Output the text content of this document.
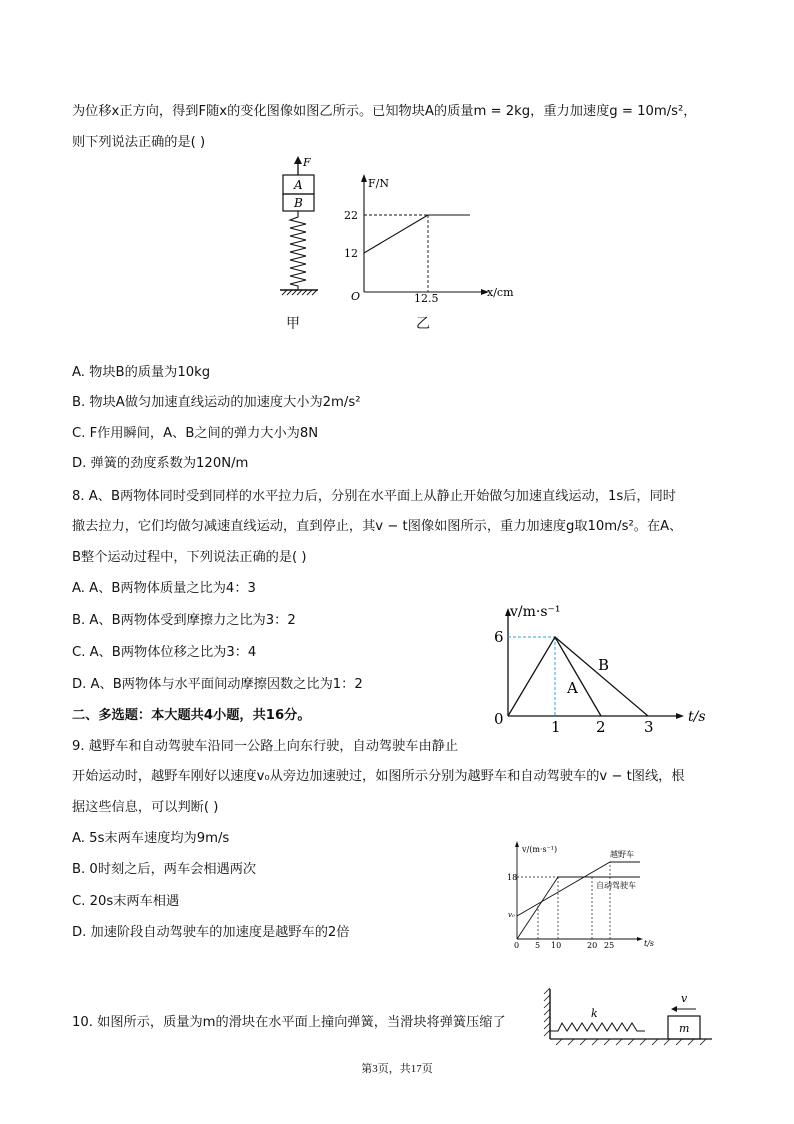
为位移x正方向，得到F随x的变化图像如图乙所示。已知物块A的质量m = 2kg，重力加速度g = 10m/s²，
则下列说法正确的是( )
F
A
B
甲
F/N
x/cm
O
22
12
12.5
乙
A. 物块B的质量为10kg
B. 物块A做匀加速直线运动的加速度大小为2m/s²
C. F作用瞬间，A、B之间的弹力大小为8N
D. 弹簧的劲度系数为120N/m
8. A、B两物体同时受到同样的水平拉力后，分别在水平面上从静止开始做匀加速直线运动，1s后，同时
撤去拉力，它们均做匀减速直线运动，直到停止，其v − t图像如图所示，重力加速度g取10m/s²。在A、
B整个运动过程中，下列说法正确的是( )
A. A、B两物体质量之比为4：3
B. A、B两物体受到摩擦力之比为3：2
C. A、B两物体位移之比为3：4
D. A、B两物体与水平面间动摩擦因数之比为1：2
v/m·s⁻¹
t/s
6
0	1 2	3
A
B
二、多选题：本大题共4小题，共16分。
9. 越野车和自动驾驶车沿同一公路上向东行驶，自动驾驶车由静止
开始运动时，越野车刚好以速度v₀从旁边加速驶过，如图所示分别为越野车和自动驾驶车的v − t图线，根
据这些信息，可以判断( )
A. 5s末两车速度均为9m/s
B. 0时刻之后，两车会相遇两次
C. 20s末两车相遇
D. 加速阶段自动驾驶车的加速度是越野车的2倍
v/(m·s⁻¹)
t/s
18
v₀
0 5 10	20 25
越野车
自动驾驶车
10. 如图所示，质量为m的滑块在水平面上撞向弹簧，当滑块将弹簧压缩了
k
m
v
第3页，共17页
